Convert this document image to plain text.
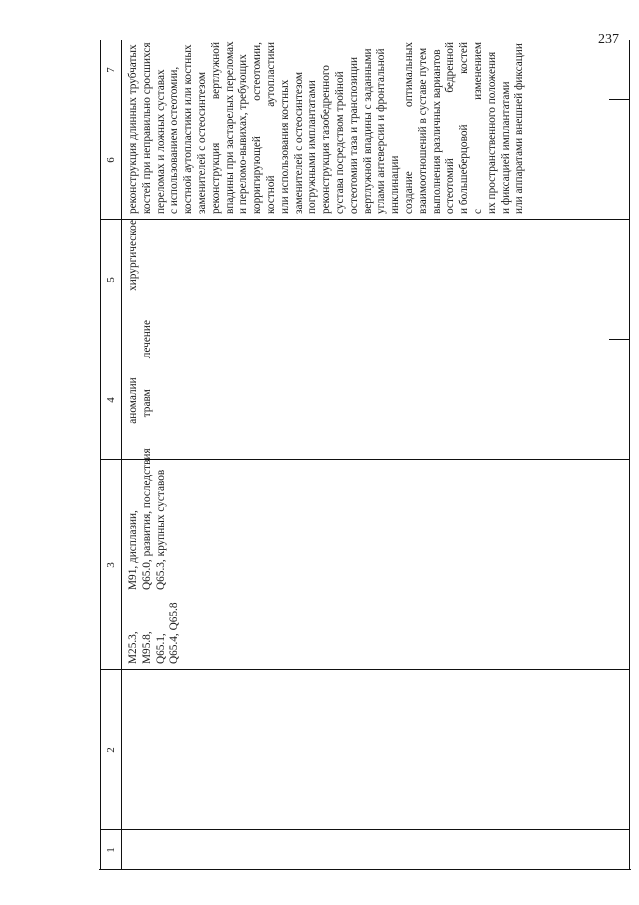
237
1
2
3
4
5
6
7
M25.3, M95.8, Q65.1, Q65.4, Q65.8
M91, дисплазии,
аномалии
хирургическое
Q65.0, развития, последствия
травм
лечение
Q65.3, крупных суставов
реконструкция длинных трубчатых костей при неправильно сросшихся переломах и ложных суставах с использованием остеотомии, костной аутопластики или костных заменителей с остеосинтезом реконструкция
вертлужной впадины при застарелых переломах и переломо-вывихах, требующих корригирующей
остеотомии,
костной
аутопластики
или использования костных заменителей с остеосинтезом погружными имплантатами реконструкция тазобедренного сустава посредством тройной остеотомии таза и транспозиции вертлужной впадины с заданными углами антеверсии и фронтальной инклинации создание
оптимальных взаимоотношений в суставе путем выполнения различных вариантов остеотомий
бедренной
и большеберцовой
костей
с
изменением их пространственного положения и фиксацией имплантатами или аппаратами внешней фиксации
